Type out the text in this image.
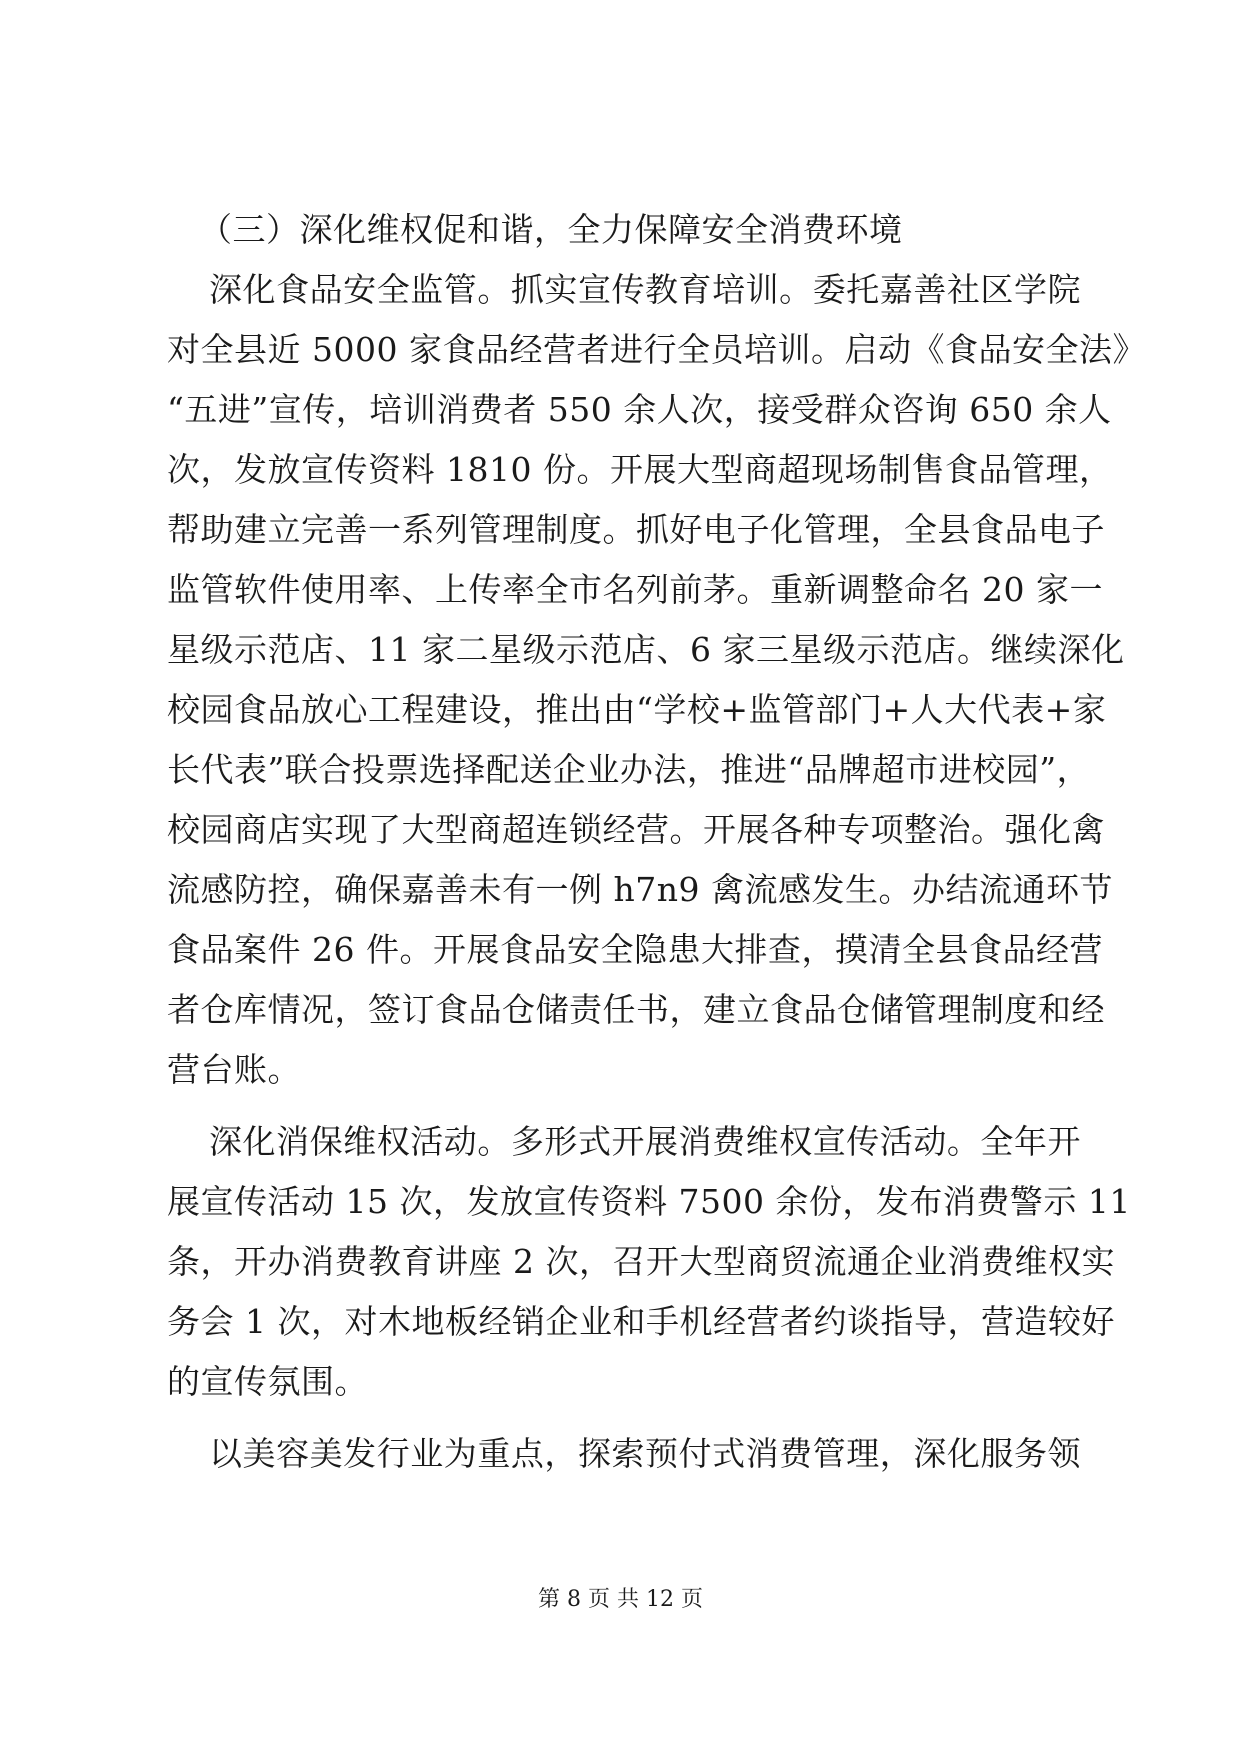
（三）深化维权促和谐，全力保障安全消费环境
深化食品安全监管。抓实宣传教育培训。委托嘉善社区学院
对全县近 5000 家食品经营者进行全员培训。启动《食品安全法》
“五进”宣传，培训消费者 550 余人次，接受群众咨询 650 余人
次，发放宣传资料 1810 份。开展大型商超现场制售食品管理，
帮助建立完善一系列管理制度。抓好电子化管理，全县食品电子
监管软件使用率、上传率全市名列前茅。重新调整命名 20 家一
星级示范店、11 家二星级示范店、6 家三星级示范店。继续深化
校园食品放心工程建设，推出由“学校+监管部门+人大代表+家
长代表”联合投票选择配送企业办法，推进“品牌超市进校园”，
校园商店实现了大型商超连锁经营。开展各种专项整治。强化禽
流感防控，确保嘉善未有一例 h7n9 禽流感发生。办结流通环节
食品案件 26 件。开展食品安全隐患大排查，摸清全县食品经营
者仓库情况，签订食品仓储责任书，建立食品仓储管理制度和经
营台账。
深化消保维权活动。多形式开展消费维权宣传活动。全年开
展宣传活动 15 次，发放宣传资料 7500 余份，发布消费警示 11
条，开办消费教育讲座 2 次，召开大型商贸流通企业消费维权实
务会 1 次，对木地板经销企业和手机经营者约谈指导，营造较好
的宣传氛围。
以美容美发行业为重点，探索预付式消费管理，深化服务领
第 8 页 共 12 页
